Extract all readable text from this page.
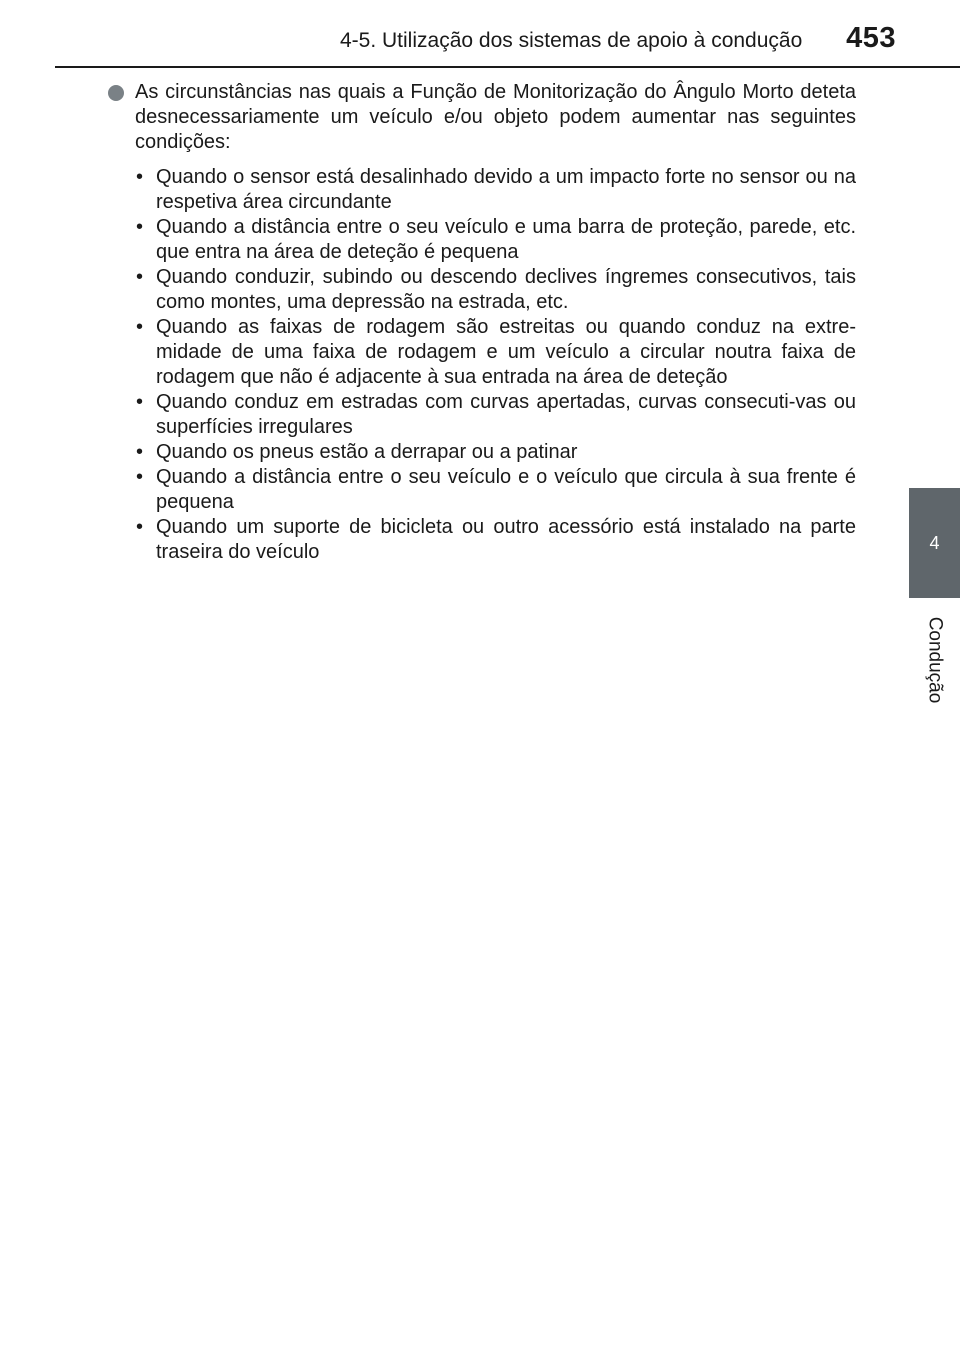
4-5. Utilização dos sistemas de apoio à condução 453
4
Condução
As circunstâncias nas quais a Função de Monitorização do Ângulo Morto deteta desnecessariamente um veículo e/ou objeto podem aumentar nas seguintes condições:
• Quando o sensor está desalinhado devido a um impacto forte no sensor ou na respetiva área circundante
• Quando a distância entre o seu veículo e uma barra de proteção, parede, etc. que entra na área de deteção é pequena
• Quando conduzir, subindo ou descendo declives íngremes consecutivos, tais como montes, uma depressão na estrada, etc.
• Quando as faixas de rodagem são estreitas ou quando conduz na extre-midade de uma faixa de rodagem e um veículo a circular noutra faixa de rodagem que não é adjacente à sua entrada na área de deteção
• Quando conduz em estradas com curvas apertadas, curvas consecuti-vas ou superfícies irregulares
• Quando os pneus estão a derrapar ou a patinar
• Quando a distância entre o seu veículo e o veículo que circula à sua frente é pequena
• Quando um suporte de bicicleta ou outro acessório está instalado na parte traseira do veículo
